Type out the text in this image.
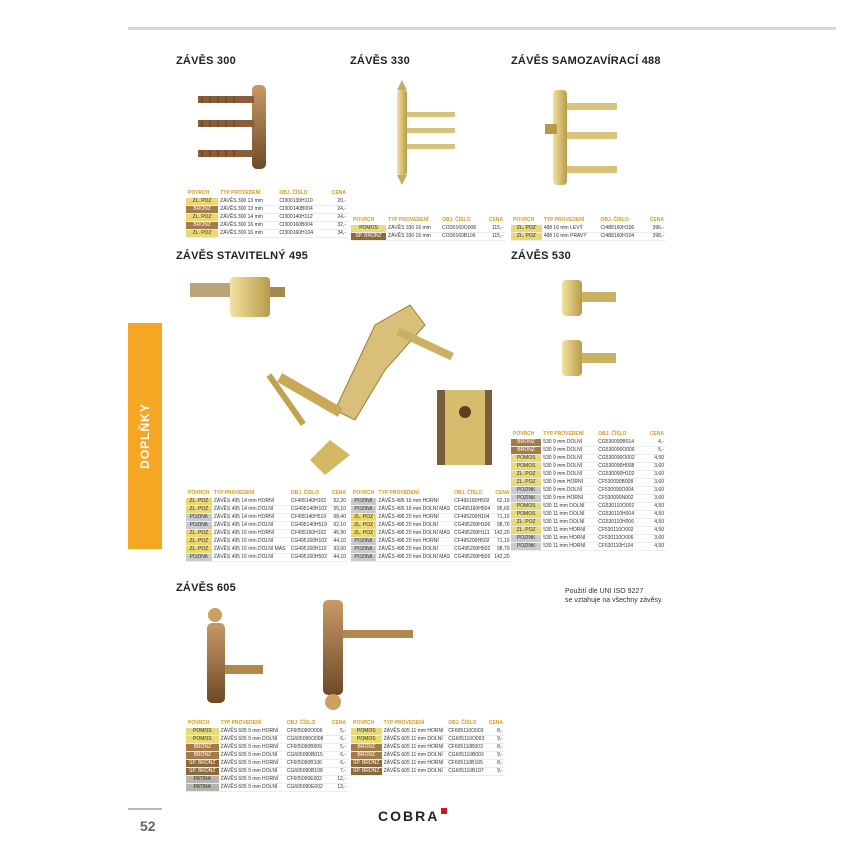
DOPLŇKY
ZÁVĚS 300	ZÁVĚS 330	ZÁVĚS SAMOZAVÍRACÍ 488
ZÁVĚS STAVITELNÝ 495	ZÁVĚS 530
ZÁVĚS 605
POVRCH	TYP PROVEDENÍ	OBJ. ČÍSLO	CENA
ZL. POZ	ZÁVĚS 300 13 mm	CI300130H110	20,-
BRONZ	ZÁVĚS 300 13 mm	CI300140B004	24,-
ZL. POZ	ZÁVĚS 300 14 mm	CI300140H112	24,-
BRONZ	ZÁVĚS 300 16 mm	CI300160B004	32,-
ZL. POZ	ZÁVĚS 300 16 mm	CI300160H104	34,-
POVRCH	TYP PROVEDENÍ	OBJ. ČÍSLO	CENA
POMOS	ZÁVĚS 330 16 mm	CI330160O008	115,-
SP. BRONZ	ZÁVĚS 330 16 mm	CI330160B106	115,-
POVRCH	TYP PROVEDENÍ	OBJ. ČÍSLO	CENA
ZL. POZ	488 16 mm LEVÝ	CI488160H106	396,-
ZL. POZ	488 16 mm PRAVÝ	CI488160H104	398,-
POVRCH	TYP PROVEDENÍ	OBJ. ČÍSLO	CENA
ZL. POZ	ZÁVĚS 495 14 mm HORNÍ	CF495140H102	52,20
ZL. POZ	ZÁVĚS 495 14 mm DOLNÍ	CG495140H102	55,10
POZINK	ZÁVĚS 495 14 mm HORNÍ	CF495140H519	68,40
POZINK	ZÁVĚS 495 14 mm DOLNÍ	CG495140H519	62,10
ZL. POZ	ZÁVĚS 495 16 mm HORNÍ	CF495160H102	45,90
ZL. POZ	ZÁVĚS 495 16 mm DOLNÍ	CG495160H102	44,10
ZL. POZ	ZÁVĚS 495 16 mm DOLNÍ MAS	CG495160H110	93,60
POZINK	ZÁVĚS 495 16 mm DOLNÍ	CG495160H502	44,10
POVRCH	TYP PROVEDENÍ	OBJ. ČÍSLO	CENA
POZINK	ZÁVĚS 495 16 mm HORNÍ	CF495160H502	62,10
POZINK	ZÁVĚS 495 16 mm DOLNÍ MAS	CG495160H504	95,60
ZL. POZ	ZÁVĚS 495 20 mm HORNÍ	CF495200H104	71,10
ZL. POZ	ZÁVĚS 495 20 mm DOLNÍ	CG495200H106	98,70
ZL. POZ	ZÁVĚS 495 20 mm DOLNÍ MAS	CG495200H111	142,20
POZINK	ZÁVĚS 495 20 mm HORNÍ	CF495200H502	71,10
POZINK	ZÁVĚS 495 20 mm DOLNÍ	CG495200H502	98,70
POZINK	ZÁVĚS 495 20 mm DOLNÍ MAS	CG495200H505	142,20
POVRCH	TYP PROVEDENÍ	OBJ. ČÍSLO	CENA
BRONZ	530 9 mm DOLNÍ	CG530090B014	4,-
BRONZ	530 9 mm DOLNÍ	CG530090O006	5,-
POMOS	530 9 mm DOLNÍ	CG530090O002	4,50
POMOS	530 9 mm DOLNÍ	CG530090H008	3,60
ZL. POZ	530 9 mm DOLNÍ	CG530090H102	3,60
ZL. POZ	530 9 mm HORNÍ	CF530090B008	3,60
POZINK	530 9 mm DOLNÍ	CF530090O004	3,60
POZINK	530 9 mm HORNÍ	CF530090N002	3,60
POMOS	530 11 mm DOLNÍ	CG530110O002	4,50
POMOS	530 11 mm DOLNÍ	CG530110H004	4,50
ZL. POZ	530 11 mm DOLNÍ	CG530110H006	4,50
ZL. POZ	530 11 mm HORNÍ	CF530110O002	4,50
POZINK	530 11 mm HORNÍ	CF530110O006	3,60
POZINK	530 11 mm HORNÍ	CF530110H104	4,50
POVRCH	TYP PROVEDENÍ	OBJ. ČÍSLO	CENA
POMOS	ZÁVĚS 605 9 mm HORNÍ	CF605090O006	5,-
POMOS	ZÁVĚS 605 9 mm DOLNÍ	CG605090O008	6,-
BRONZ	ZÁVĚS 605 9 mm HORNÍ	CF605090B009	5,-
BRONZ	ZÁVĚS 605 9 mm DOLNÍ	CG605090B015	6,-
SP. BRONZ	ZÁVĚS 605 9 mm HORNÍ	CF605090B106	6,-
SP. BRONZ	ZÁVĚS 605 9 mm DOLNÍ	CG605090B108	7,-
PATINA	ZÁVĚS 605 9 mm HORNÍ	CF605090E002	12,-
PATINA	ZÁVĚS 605 9 mm DOLNÍ	CG605090E002	13,-
POVRCH	TYP PROVEDENÍ	OBJ. ČÍSLO	CENA
POMOS	ZÁVĚS 605 11 mm HORNÍ	CF605110O003	8,-
POMOS	ZÁVĚS 605 11 mm DOLNÍ	CG605110O003	9,-
BRONZ	ZÁVĚS 605 11 mm HORNÍ	CF605110B003	8,-
BRONZ	ZÁVĚS 605 11 mm DOLNÍ	CG605110B003	9,-
SP. BRONZ	ZÁVĚS 605 11 mm HORNÍ	CF605110B105	8,-
SP. BRONZ	ZÁVĚS 605 11 mm DOLNÍ	CG605110B107	9,-
Použití dle UNI ISO 9227
se vztahuje na všechny závěsy.
52
COBRA
